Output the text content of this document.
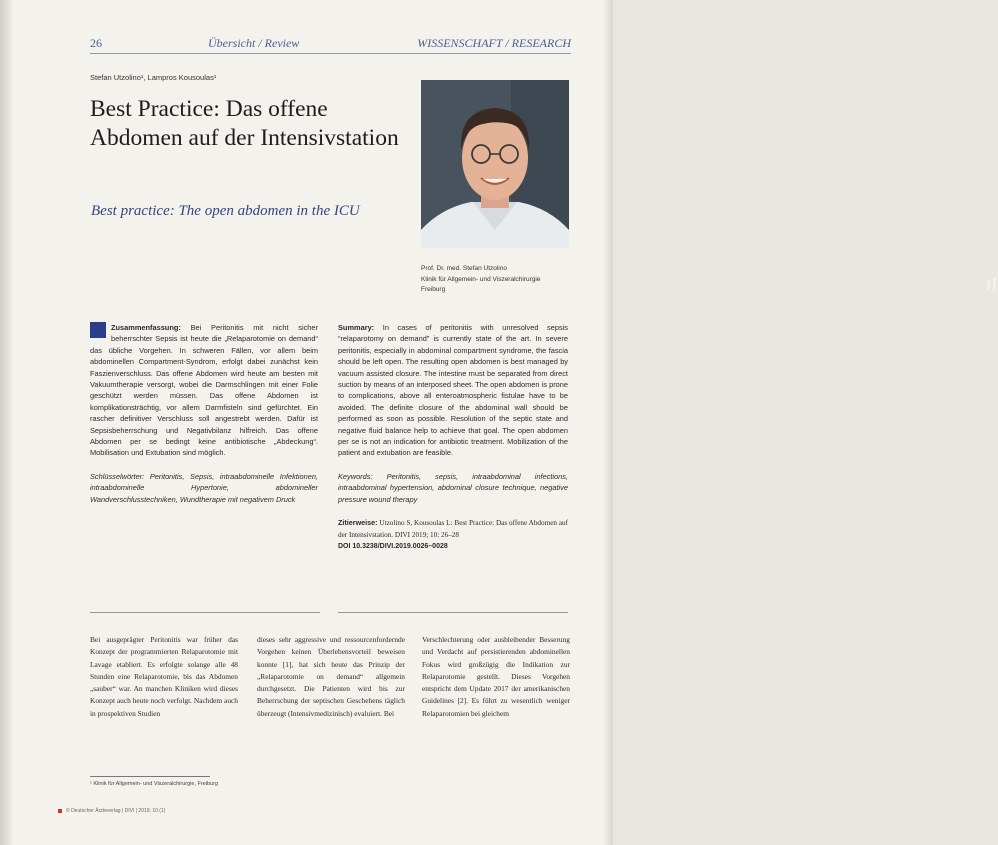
26	Übersicht / Review	WISSENSCHAFT / RESEARCH
Stefan Utzolino¹, Lampros Kousoulas¹
Best Practice: Das offene Abdomen auf der Intensivstation
Best practice: The open abdomen in the ICU
Foto: privat
Prof. Dr. med. Stefan Utzolino
Klinik für Allgemein- und Viszeralchirurgie
Freiburg

Zusammenfassung: Bei Peritonitis mit nicht sicher beherrschter Sepsis ist heute die „Relaparotomie on demand“ das übliche Vorgehen. In schweren Fällen, vor allem beim abdominellen Compartment-Syndrom, erfolgt dabei zunächst kein Faszienverschluss. Das offene Abdomen wird heute am besten mit Vakuumtherapie versorgt, wobei die Darmschlingen mit einer Folie geschützt werden müssen. Das offene Abdomen ist komplikationsträchtig, vor allem Darmfisteln sind gefürchtet. Ein rascher definitiver Verschluss soll angestrebt werden. Dafür ist Sepsisbeherrschung und Negativbilanz hilfreich. Das offene Abdomen per se bedingt keine antibiotische „Abdeckung“. Mobilisation und Extubation sind möglich.

Schlüsselwörter: Peritonitis, Sepsis, intraabdominelle Infektionen, intraabdominelle Hypertonie, abdomineller Wandverschlusstechniken, Wundtherapie mit negativem Druck

Summary: In cases of peritonitis with unresolved sepsis “relaparotomy on demand” is currently state of the art. In severe peritonitis, especially in abdominal compartment syndrome, the fascia should be left open. The resulting open abdomen is best managed by vacuum assisted closure. The intestine must be separated from direct suction by means of an interposed sheet. The open abdomen is prone to complications, above all enteroatmospheric fistulae have to be avoided. The definite closure of the abdominal wall should be performed as soon as possible. Resolution of the septic state and negative fluid balance help to achieve that goal. The open abdomen per se is not an indication for antibiotic treatment. Mobilization of the patient and extubation are feasible.

Keywords: Peritonitis, sepsis, intraabdominal infections, intraabdominal hypertension, abdominal closure technique, negative pressure wound therapy

Zitierweise: Utzolino S, Kousoulas L: Best Practice: Das offene Abdomen auf der Intensivstation. DIVI 2019; 10: 26–28

DOI 10.3238/DIVI.2019.0026–0028

Bei ausgeprägter Peritonitis war früher das Konzept der programmierten Relaparotomie mit Lavage etabliert. Es erfolgte solange alle 48 Stunden eine Relaparotomie, bis das Abdomen „sauber“ war. An manchen Kliniken wird dieses Konzept auch heute noch verfolgt. Nachdem auch in prospektiven Studien
dieses sehr aggressive und ressourcenfordernde Vorgehen keinen Überlebensvorteil beweisen konnte [1], hat sich heute das Prinzip der „Relaparotomie on demand“ allgemein durchgesetzt. Die Patienten wird bis zur Beherrschung der septischen Geschehens täglich überzeugt (Intensivmedizinisch) evaluiert. Bei
Verschlechterung oder ausbleibender Besserung und Verdacht auf persistierenden abdominellen Fokus wird großzügig die Indikation zur Relaparotomie gestellt. Dieses Vorgehen entspricht dem Update 2017 der amerikanischen Guidelines [2]. Es führt zu wesentlich weniger Relaparotomien bei gleichem
¹ Klinik für Allgemein- und Viszeralchirurgie, Freiburg
© Deutscher Ärzteverlag | DIVI | 2019; 10 (1)
